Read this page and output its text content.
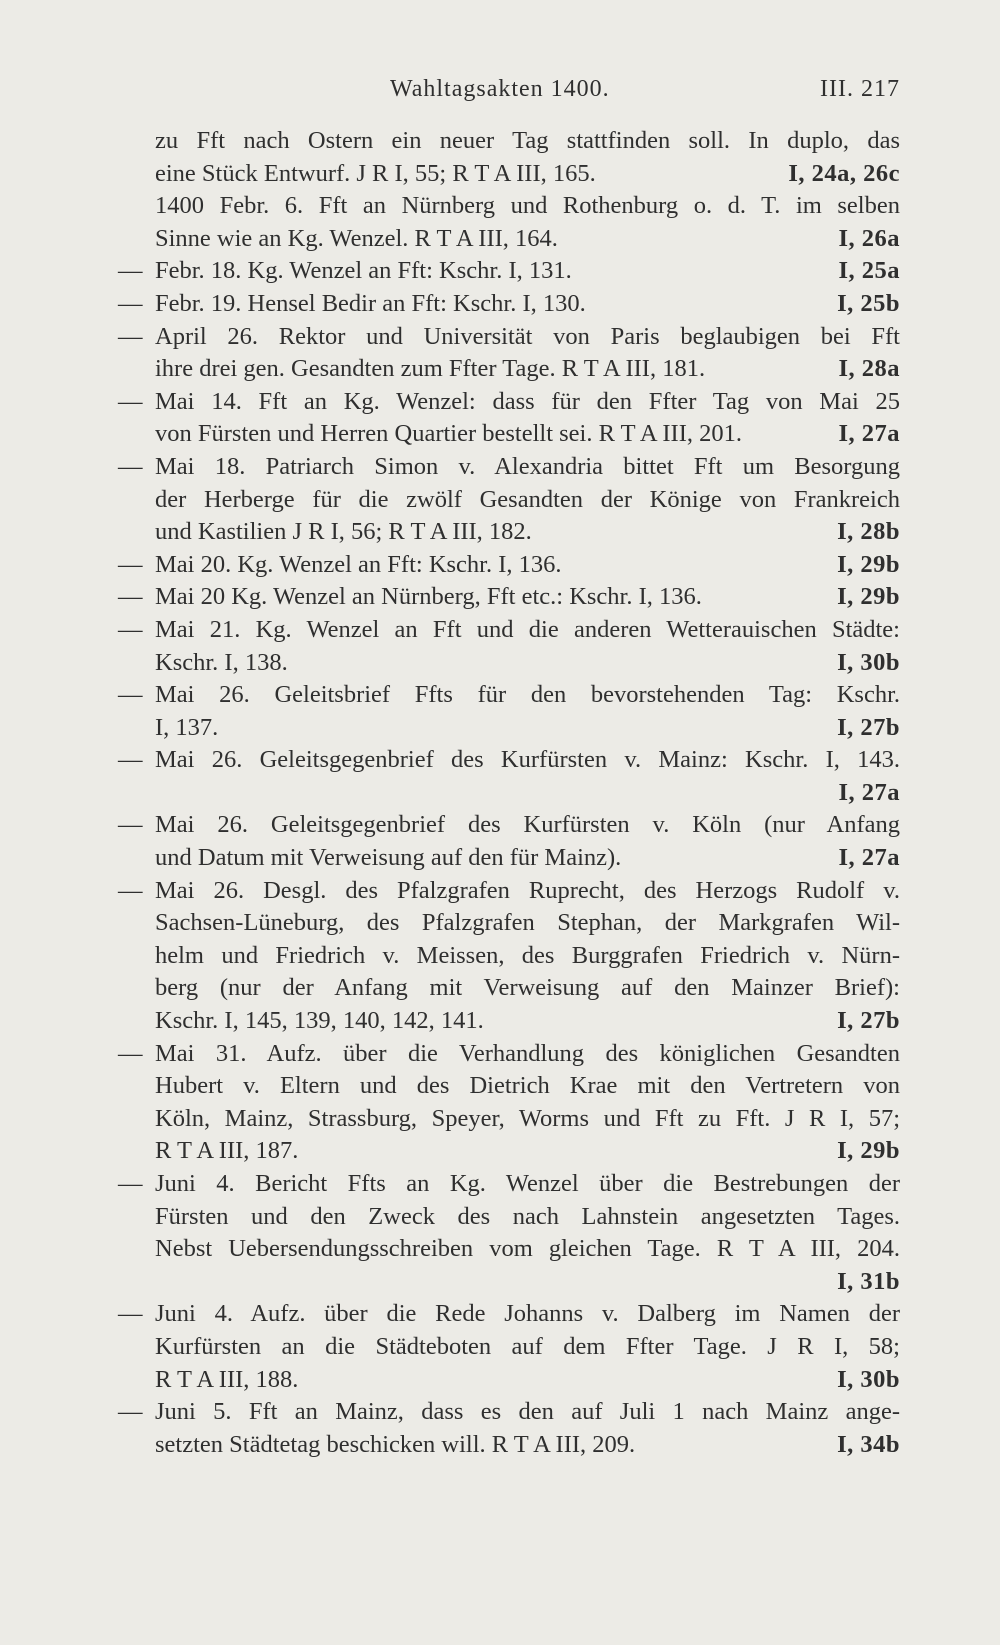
Wahltagsakten 1400.	III. 217
zu Fft nach Ostern ein neuer Tag stattfinden soll. In duplo, das
eine Stück Entwurf. J R I, 55; R T A III, 165.	I, 24a, 26c
1400 Febr. 6. Fft an Nürnberg und Rothenburg o. d. T. im selben
Sinne wie an Kg. Wenzel. R T A III, 164.	I, 26a
— Febr. 18. Kg. Wenzel an Fft: Kschr. I, 131.	I, 25a
— Febr. 19. Hensel Bedir an Fft: Kschr. I, 130.	I, 25b
— April 26. Rektor und Universität von Paris beglaubigen bei Fft
ihre drei gen. Gesandten zum Ffter Tage. R T A III, 181.	I, 28a
— Mai 14. Fft an Kg. Wenzel: dass für den Ffter Tag von Mai 25
von Fürsten und Herren Quartier bestellt sei. R T A III, 201.	I, 27a
— Mai 18. Patriarch Simon v. Alexandria bittet Fft um Besorgung
der Herberge für die zwölf Gesandten der Könige von Frankreich
und Kastilien J R I, 56; R T A III, 182.	I, 28b
— Mai 20. Kg. Wenzel an Fft: Kschr. I, 136.	I, 29b
— Mai 20 Kg. Wenzel an Nürnberg, Fft etc.: Kschr. I, 136.	I, 29b
— Mai 21. Kg. Wenzel an Fft und die anderen Wetterauischen Städte:
Kschr. I, 138.	I, 30b
— Mai 26. Geleitsbrief Ffts für den bevorstehenden Tag: Kschr.
I, 137.	I, 27b
— Mai 26. Geleitsgegenbrief des Kurfürsten v. Mainz: Kschr. I, 143.
I, 27a
— Mai 26. Geleitsgegenbrief des Kurfürsten v. Köln (nur Anfang
und Datum mit Verweisung auf den für Mainz).	I, 27a
— Mai 26. Desgl. des Pfalzgrafen Ruprecht, des Herzogs Rudolf v.
Sachsen-Lüneburg, des Pfalzgrafen Stephan, der Markgrafen Wil-
helm und Friedrich v. Meissen, des Burggrafen Friedrich v. Nürn-
berg (nur der Anfang mit Verweisung auf den Mainzer Brief):
Kschr. I, 145, 139, 140, 142, 141.	I, 27b
— Mai 31. Aufz. über die Verhandlung des königlichen Gesandten
Hubert v. Eltern und des Dietrich Krae mit den Vertretern von
Köln, Mainz, Strassburg, Speyer, Worms und Fft zu Fft. J R I, 57;
R T A III, 187.	I, 29b
— Juni 4. Bericht Ffts an Kg. Wenzel über die Bestrebungen der
Fürsten und den Zweck des nach Lahnstein angesetzten Tages.
Nebst Uebersendungsschreiben vom gleichen Tage. R T A III, 204.
I, 31b
— Juni 4. Aufz. über die Rede Johanns v. Dalberg im Namen der
Kurfürsten an die Städteboten auf dem Ffter Tage. J R I, 58;
R T A III, 188.	I, 30b
— Juni 5. Fft an Mainz, dass es den auf Juli 1 nach Mainz ange-
setzten Städtetag beschicken will. R T A III, 209.	I, 34b
